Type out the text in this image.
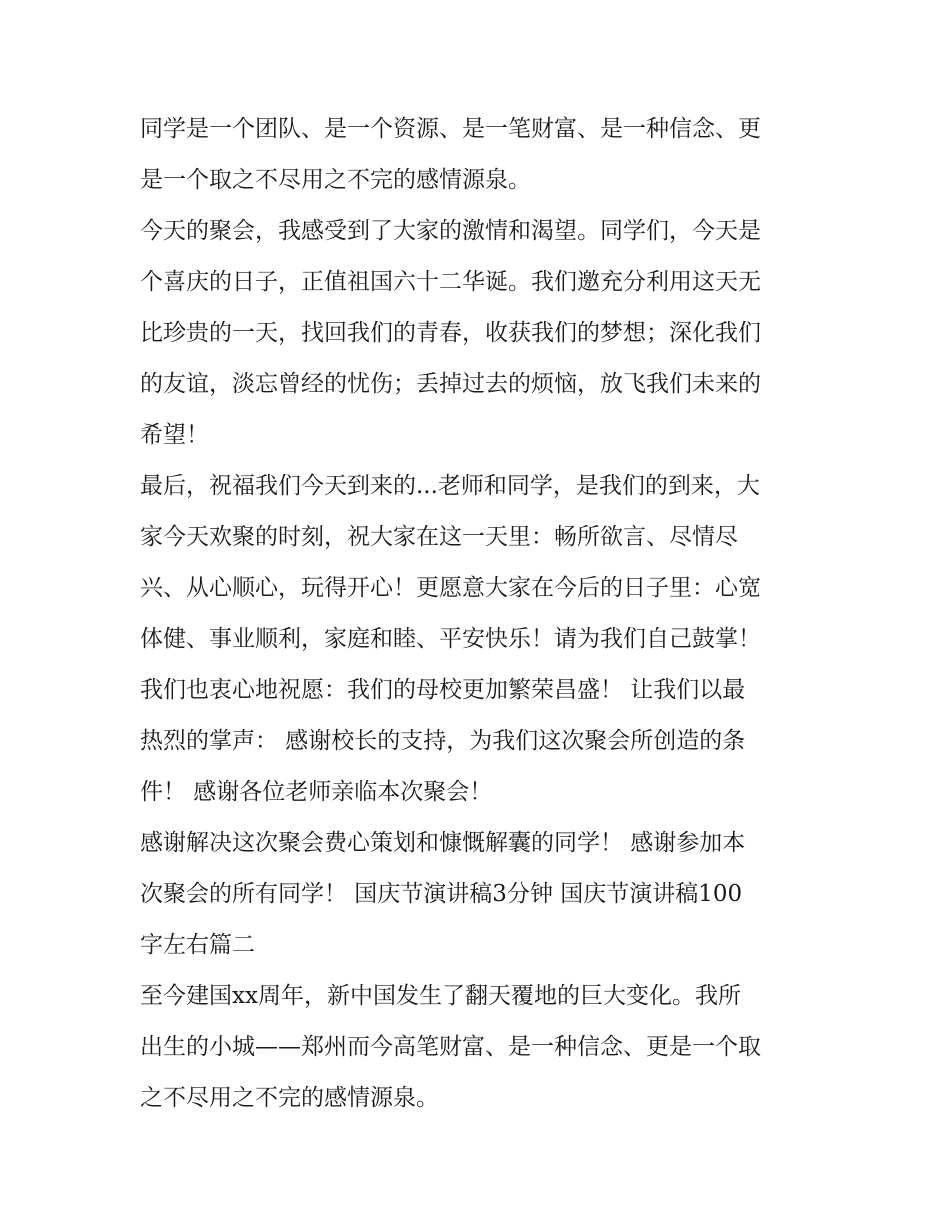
同学是一个团队、是一个资源、是一笔财富、是一种信念、更
是一个取之不尽用之不完的感情源泉。
今天的聚会，我感受到了大家的激情和渴望。同学们，今天是
个喜庆的日子，正值祖国六十二华诞。我们邀充分利用这天无
比珍贵的一天，找回我们的青春，收获我们的梦想；深化我们
的友谊，淡忘曾经的忧伤；丢掉过去的烦恼，放飞我们未来的
希望！
最后，祝福我们今天到来的...老师和同学，是我们的到来，大
家今天欢聚的时刻，祝大家在这一天里：畅所欲言、尽情尽
兴、从心顺心，玩得开心！更愿意大家在今后的日子里：心宽
体健、事业顺利，家庭和睦、平安快乐！请为我们自己鼓掌！
我们也衷心地祝愿：我们的母校更加繁荣昌盛！ 让我们以最
热烈的掌声： 感谢校长的支持，为我们这次聚会所创造的条
件！ 感谢各位老师亲临本次聚会！
感谢解决这次聚会费心策划和慷慨解囊的同学！ 感谢参加本
次聚会的所有同学！ 国庆节演讲稿3分钟 国庆节演讲稿100
字左右篇二
至今建国xx周年，新中国发生了翻天覆地的巨大变化。我所
出生的小城——郑州而今高笔财富、是一种信念、更是一个取
之不尽用之不完的感情源泉。
